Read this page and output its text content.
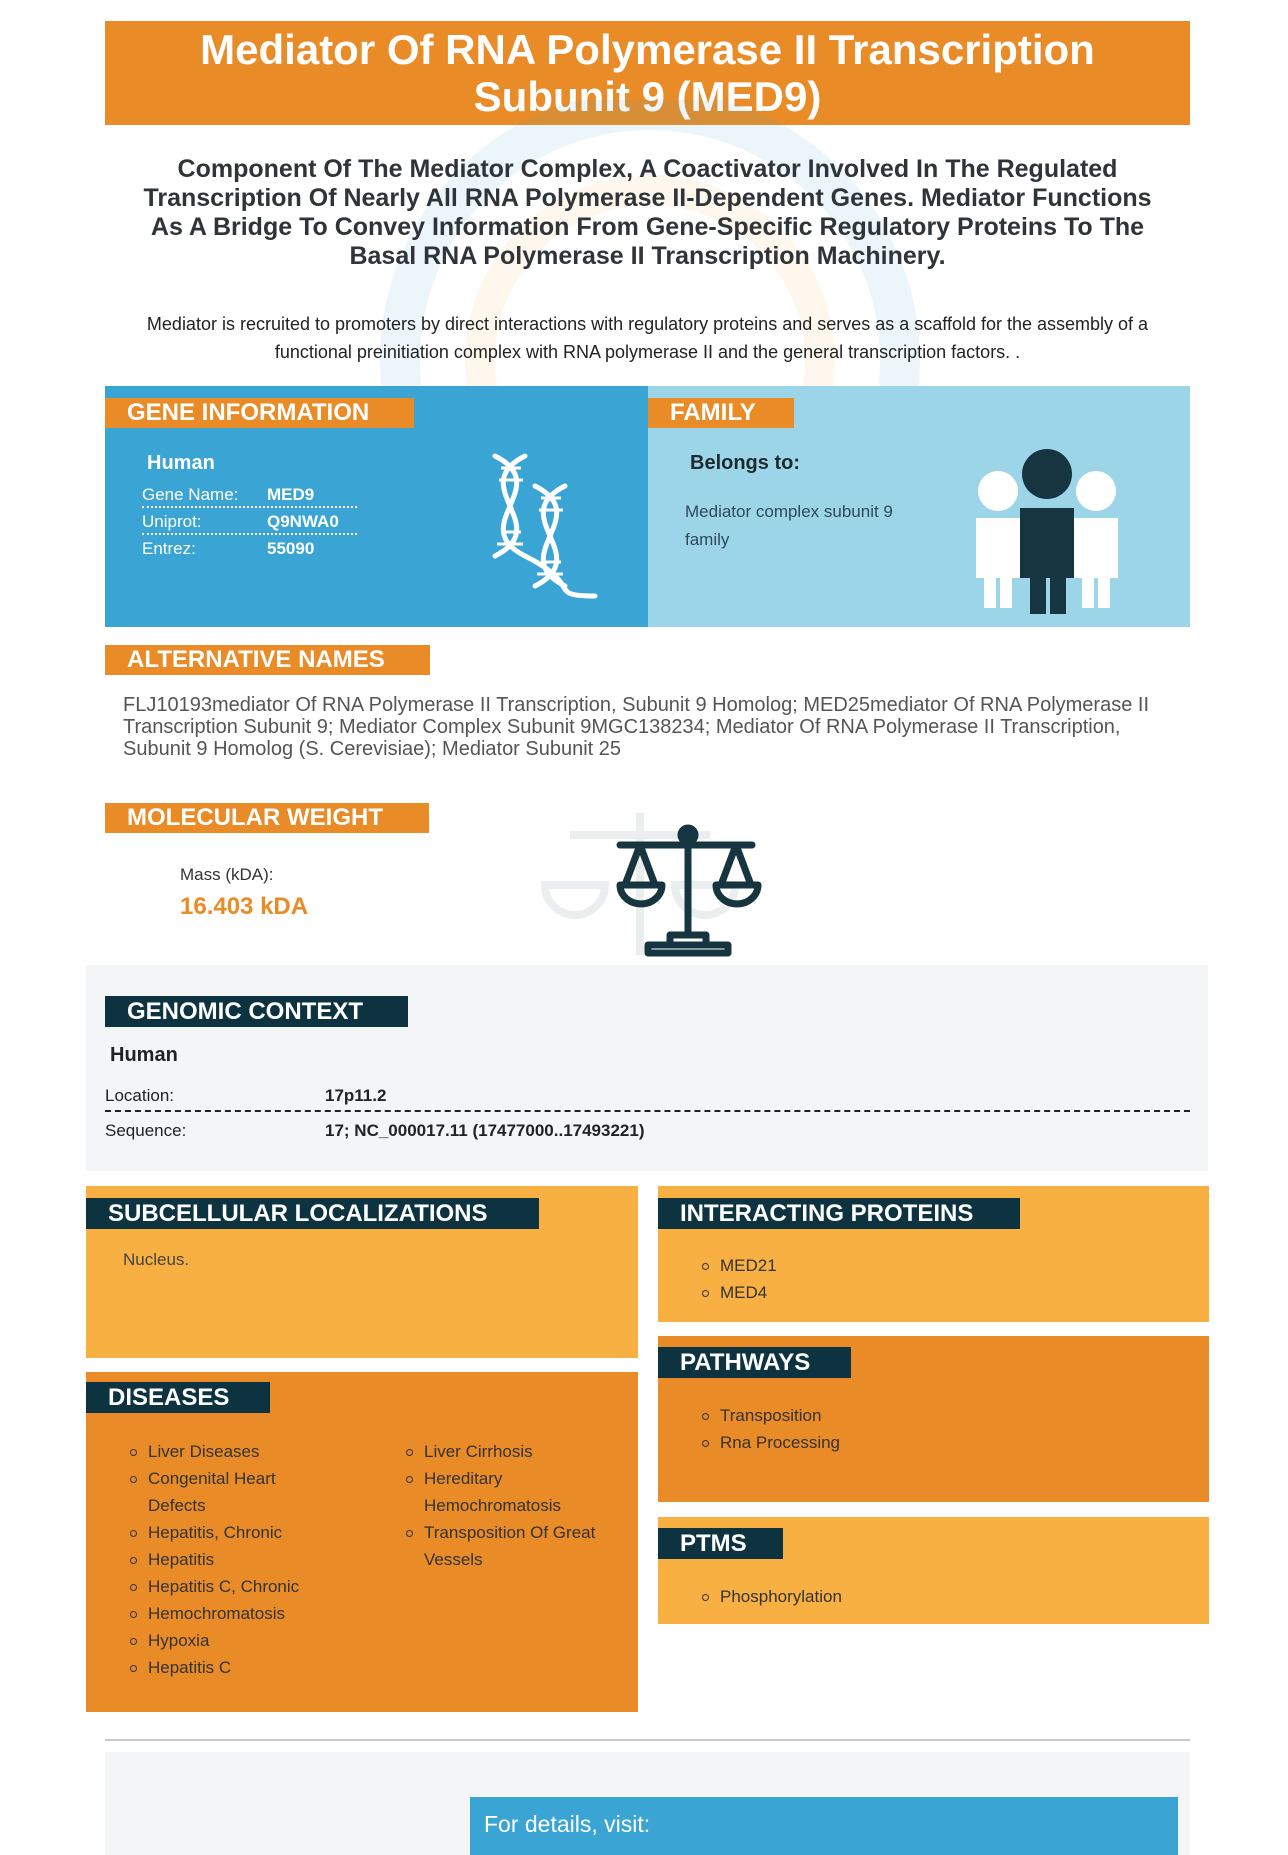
Mediator Of RNA Polymerase II Transcription Subunit 9 (MED9)
Component Of The Mediator Complex, A Coactivator Involved In The Regulated Transcription Of Nearly All RNA Polymerase II-Dependent Genes. Mediator Functions As A Bridge To Convey Information From Gene-Specific Regulatory Proteins To The Basal RNA Polymerase II Transcription Machinery.
Mediator is recruited to promoters by direct interactions with regulatory proteins and serves as a scaffold for the assembly of a functional preinitiation complex with RNA polymerase II and the general transcription factors. .
GENE INFORMATION
Human
Gene Name:	MED9
Uniprot:	Q9NWA0
Entrez:	55090
FAMILY
Belongs to:
Mediator complex subunit 9 family
ALTERNATIVE NAMES
FLJ10193mediator Of RNA Polymerase II Transcription, Subunit 9 Homolog; MED25mediator Of RNA Polymerase II Transcription Subunit 9; Mediator Complex Subunit 9MGC138234; Mediator Of RNA Polymerase II Transcription, Subunit 9 Homolog (S. Cerevisiae); Mediator Subunit 25
MOLECULAR WEIGHT
Mass (kDA):
16.403 kDA
GENOMIC CONTEXT
Human
Location:	17p11.2
Sequence:	17; NC_000017.11 (17477000..17493221)
SUBCELLULAR LOCALIZATIONS
Nucleus.
INTERACTING PROTEINS
MED21
MED4
DISEASES
Liver Diseases
Congenital Heart Defects
Hepatitis, Chronic
Hepatitis
Hepatitis C, Chronic
Hemochromatosis
Hypoxia
Hepatitis C
Liver Cirrhosis
Hereditary Hemochromatosis
Transposition Of Great Vessels
PATHWAYS
Transposition
Rna Processing
PTMS
Phosphorylation
For details, visit:
